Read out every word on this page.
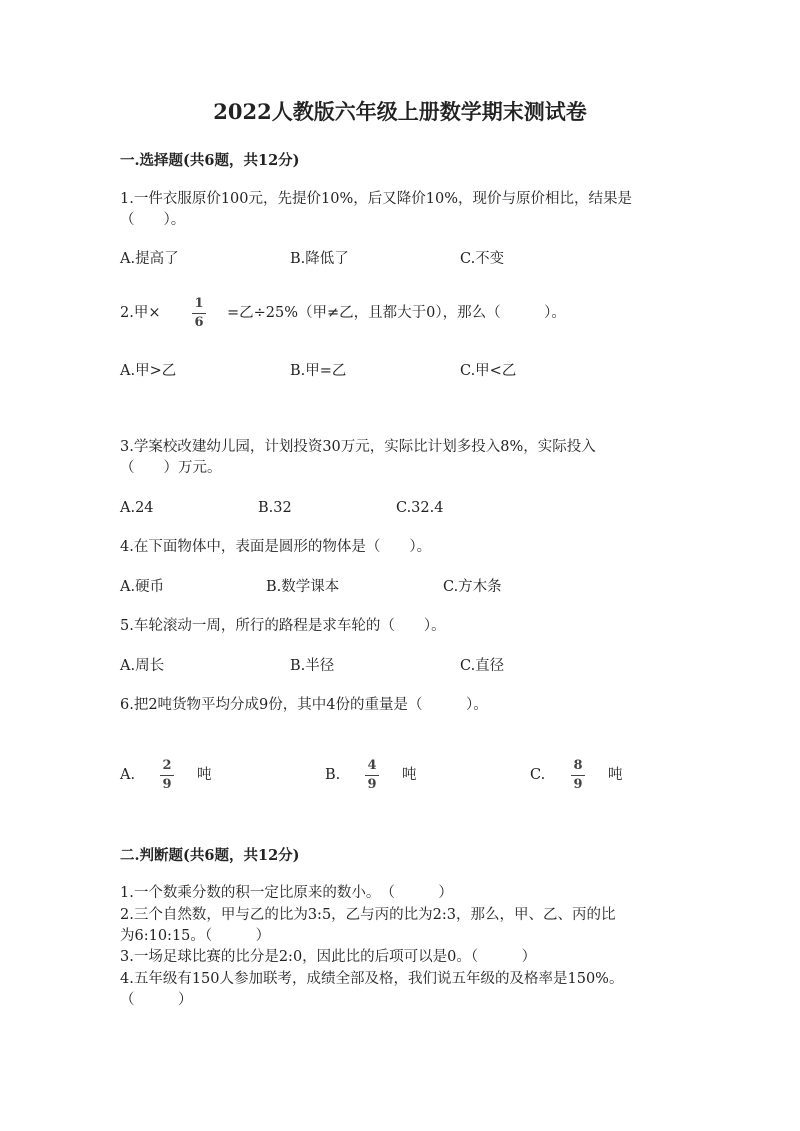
2022人教版六年级上册数学期末测试卷
一.选择题(共6题，共12分)
1.一件衣服原价100元，先提价10%，后又降价10%，现价与原价相比，结果是
（　　）。
A.提高了	B.降低了	C.不变
2.甲×
1
6
=乙÷25%（甲≠乙，且都大于0），那么（　　　）。
A.甲>乙	B.甲=乙	C.甲<乙
3.学案校改建幼儿园，计划投资30万元，实际比计划多投入8%，实际投入
（　　）万元。
A.24	B.32	C.32.4
4.在下面物体中，表面是圆形的物体是（　　）。
A.硬币	B.数学课本	C.方木条
5.车轮滚动一周，所行的路程是求车轮的（　　）。
A.周长	B.半径	C.直径
6.把2吨货物平均分成9份，其中4份的重量是（　　　）。
A.
2
9
吨	B.
4
9
吨	C.
8
9
吨
二.判断题(共6题，共12分)
1.一个数乘分数的积一定比原来的数小。　（　　　）
2.三个自然数，甲与乙的比为3:5，乙与丙的比为2:3，那么，甲、乙、丙的比
为6:10:15。（　　　）
3.一场足球比赛的比分是2:0，因此比的后项可以是0。（　　　）
4.五年级有150人参加联考，成绩全部及格，我们说五年级的及格率是150%。
（　　　）
